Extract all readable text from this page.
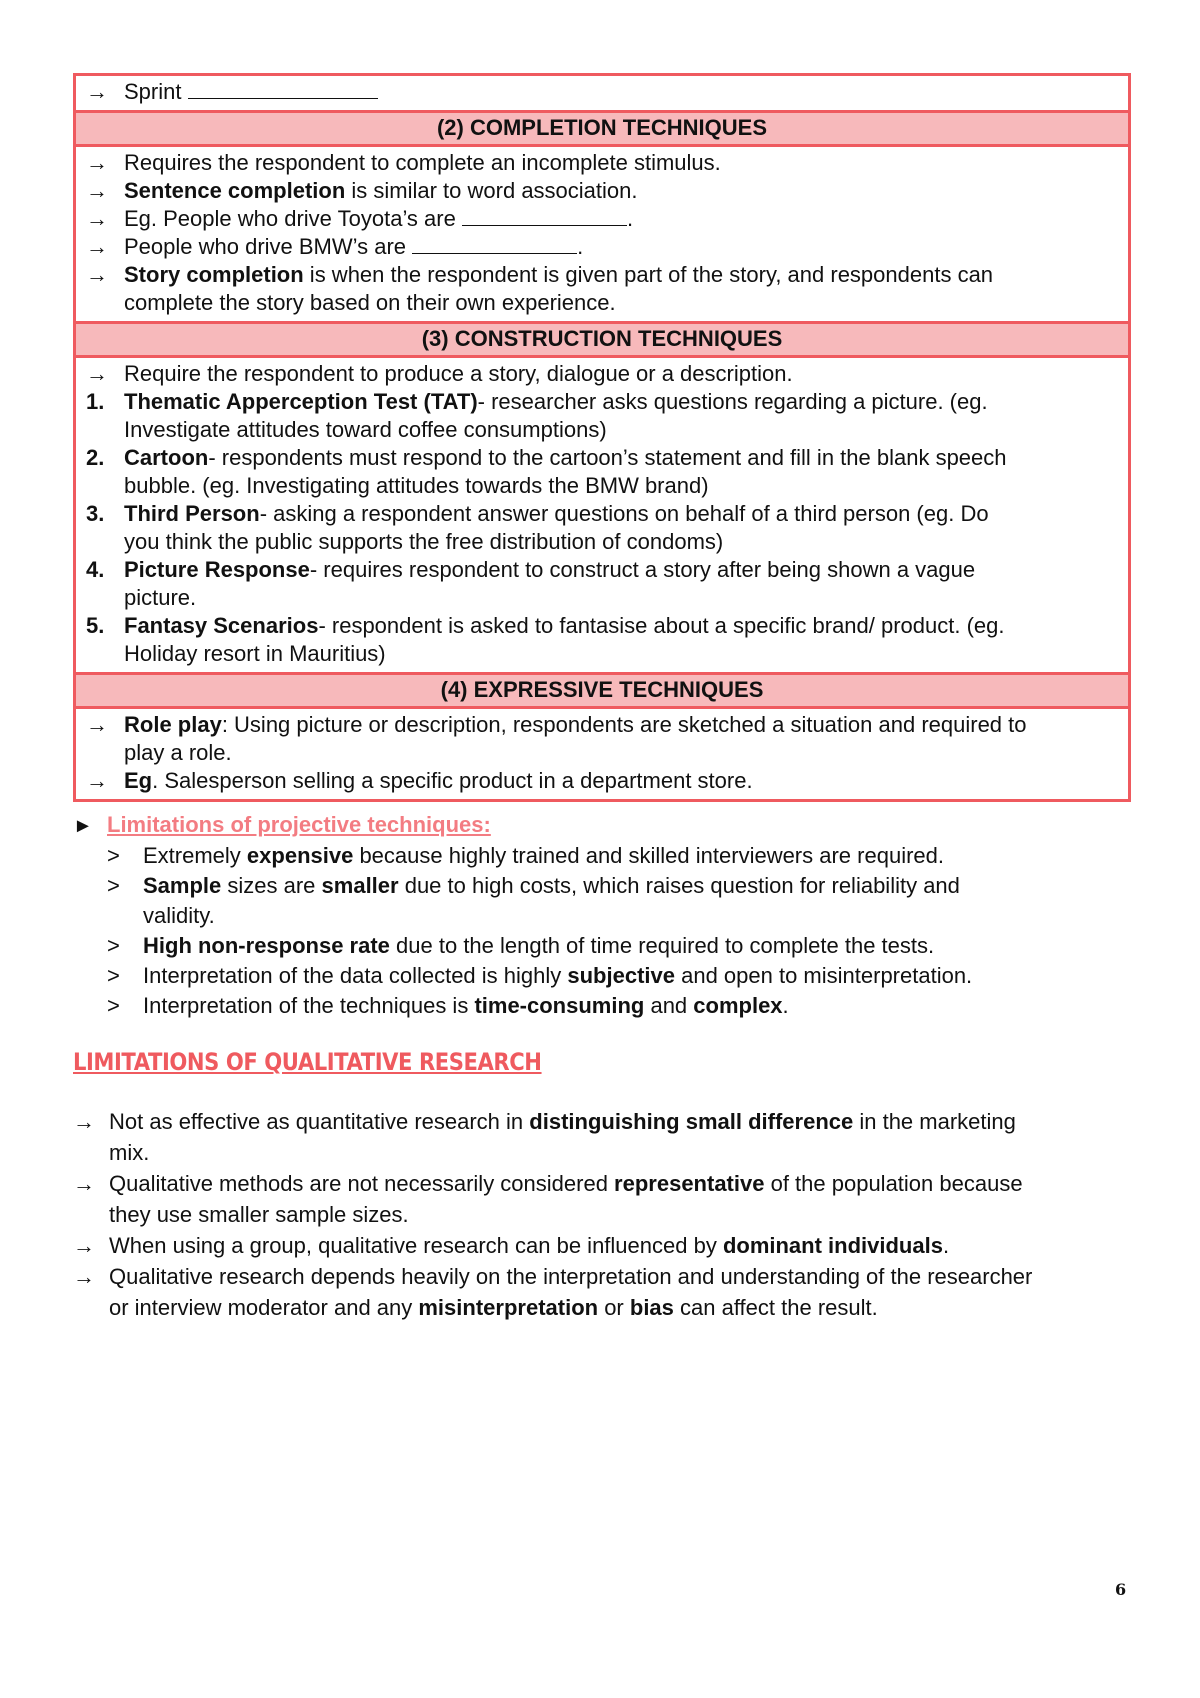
→ Sprint
(2) COMPLETION TECHNIQUES
→ Requires the respondent to complete an incomplete stimulus.
→ Sentence completion is similar to word association.
→ Eg. People who drive Toyota’s are	.
→ People who drive BMW’s are	.
→ Story completion is when the respondent is given part of the story, and respondents can
complete the story based on their own experience.
(3) CONSTRUCTION TECHNIQUES
→ Require the respondent to produce a story, dialogue or a description.
1. Thematic Apperception Test (TAT)- researcher asks questions regarding a picture. (eg.
Investigate attitudes toward coffee consumptions)
2. Cartoon- respondents must respond to the cartoon’s statement and fill in the blank speech
bubble. (eg. Investigating attitudes towards the BMW brand)
3. Third Person- asking a respondent answer questions on behalf of a third person (eg. Do
you think the public supports the free distribution of condoms)
4. Picture Response- requires respondent to construct a story after being shown a vague
picture.
5. Fantasy Scenarios- respondent is asked to fantasise about a specific brand/ product. (eg.
Holiday resort in Mauritius)
(4) EXPRESSIVE TECHNIQUES
→ Role play: Using picture or description, respondents are sketched a situation and required to
play a role.
→ Eg. Salesperson selling a specific product in a department store.
► Limitations of projective techniques:
> Extremely expensive because highly trained and skilled interviewers are required.
> Sample sizes are smaller due to high costs, which raises question for reliability and
validity.
> High non-response rate due to the length of time required to complete the tests.
> Interpretation of the data collected is highly subjective and open to misinterpretation.
> Interpretation of the techniques is time-consuming and complex.
LIMITATIONS OF QUALITATIVE RESEARCH
→ Not as effective as quantitative research in distinguishing small difference in the marketing
mix.
→ Qualitative methods are not necessarily considered representative of the population because
they use smaller sample sizes.
→ When using a group, qualitative research can be influenced by dominant individuals.
→ Qualitative research depends heavily on the interpretation and understanding of the researcher
or interview moderator and any misinterpretation or bias can affect the result.
6
